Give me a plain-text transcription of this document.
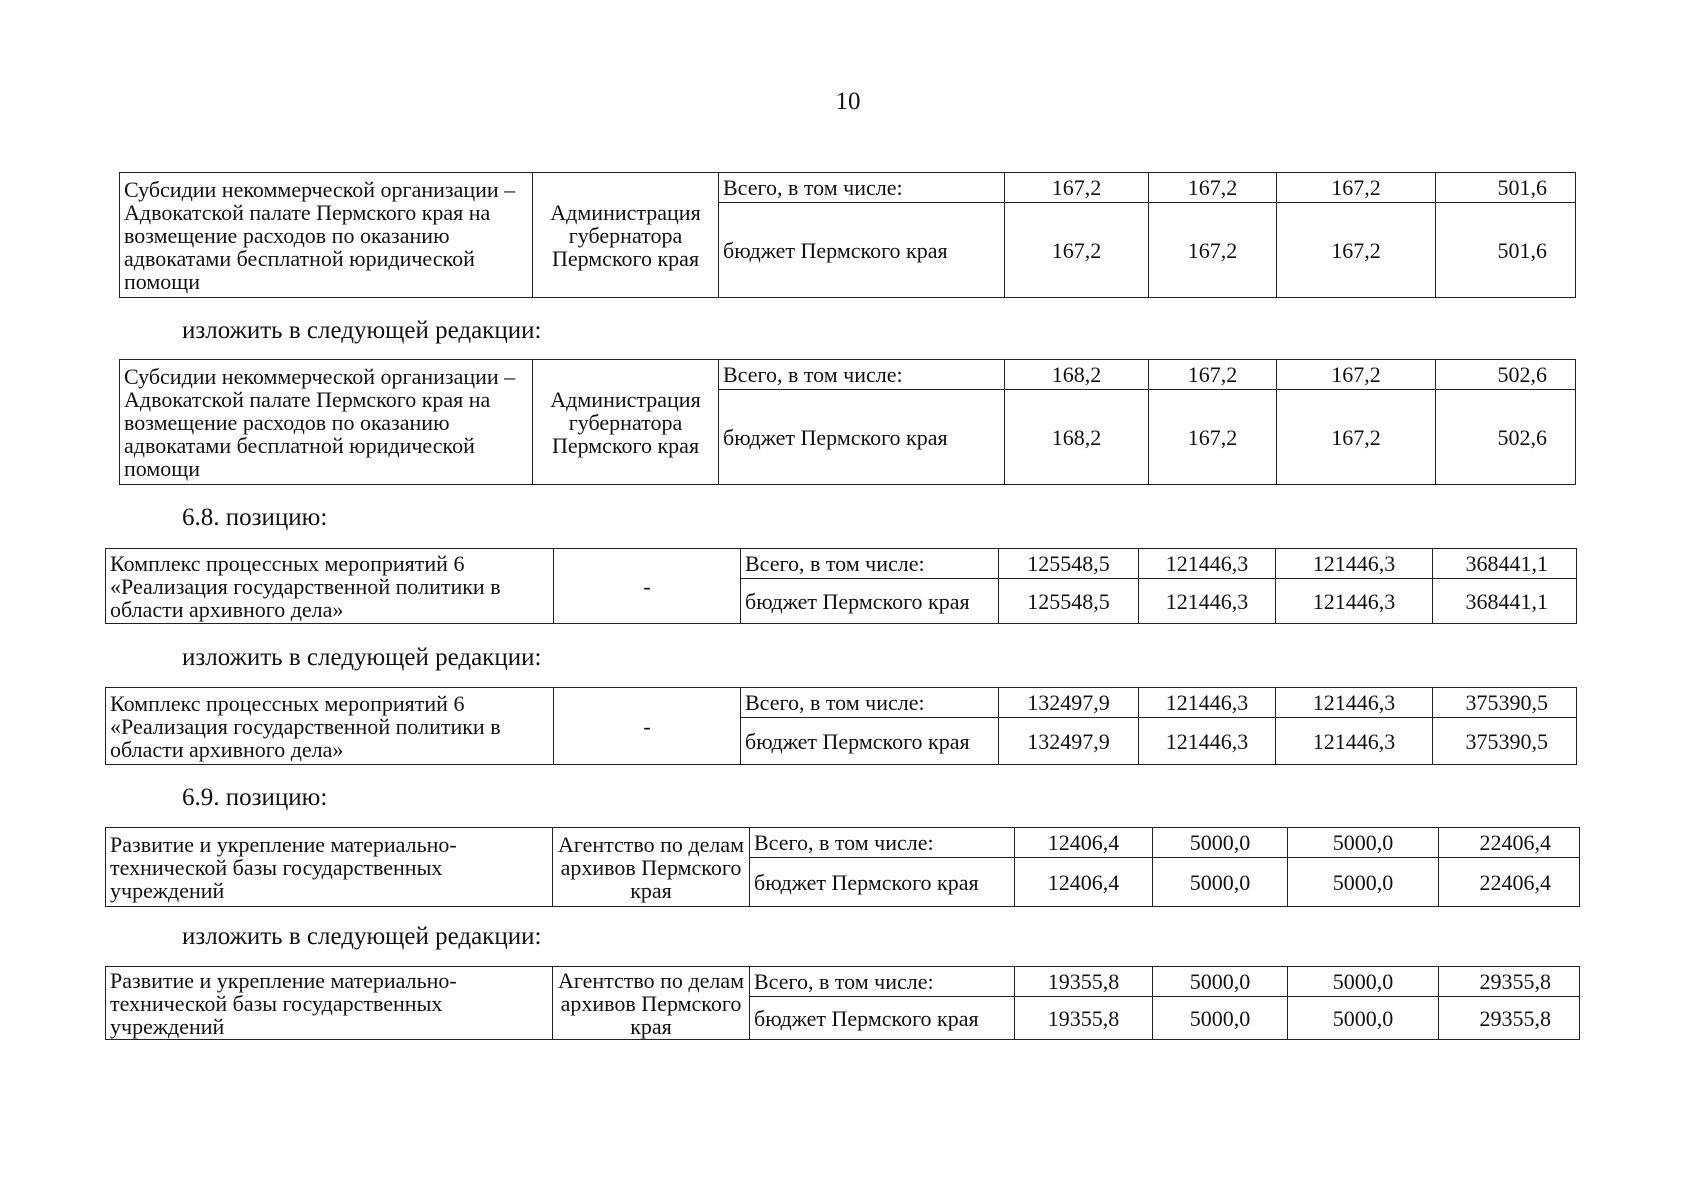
10
Субсидии некоммерческой организации – Адвокатской палате Пермского края на возмещение расходов по оказанию адвокатами бесплатной юридической помощи	Администрация губернатора Пермского края	Всего, в том числе:	167,2	167,2	167,2	501,6
		бюджет Пермского края	167,2	167,2	167,2	501,6
изложить в следующей редакции:
Субсидии некоммерческой организации – Адвокатской палате Пермского края на возмещение расходов по оказанию адвокатами бесплатной юридической помощи	Администрация губернатора Пермского края	Всего, в том числе:	168,2	167,2	167,2	502,6
		бюджет Пермского края	168,2	167,2	167,2	502,6
6.8. позицию:
Комплекс процессных мероприятий 6 «Реализация государственной политики в области архивного дела»	-	Всего, в том числе:	125548,5	121446,3	121446,3	368441,1
		бюджет Пермского края	125548,5	121446,3	121446,3	368441,1
изложить в следующей редакции:
Комплекс процессных мероприятий 6 «Реализация государственной политики в области архивного дела»	-	Всего, в том числе:	132497,9	121446,3	121446,3	375390,5
		бюджет Пермского края	132497,9	121446,3	121446,3	375390,5
6.9. позицию:
Развитие и укрепление материально-технической базы государственных учреждений	Агентство по делам архивов Пермского края	Всего, в том числе:	12406,4	5000,0	5000,0	22406,4
		бюджет Пермского края	12406,4	5000,0	5000,0	22406,4
изложить в следующей редакции:
Развитие и укрепление материально-технической базы государственных учреждений	Агентство по делам архивов Пермского края	Всего, в том числе:	19355,8	5000,0	5000,0	29355,8
		бюджет Пермского края	19355,8	5000,0	5000,0	29355,8
